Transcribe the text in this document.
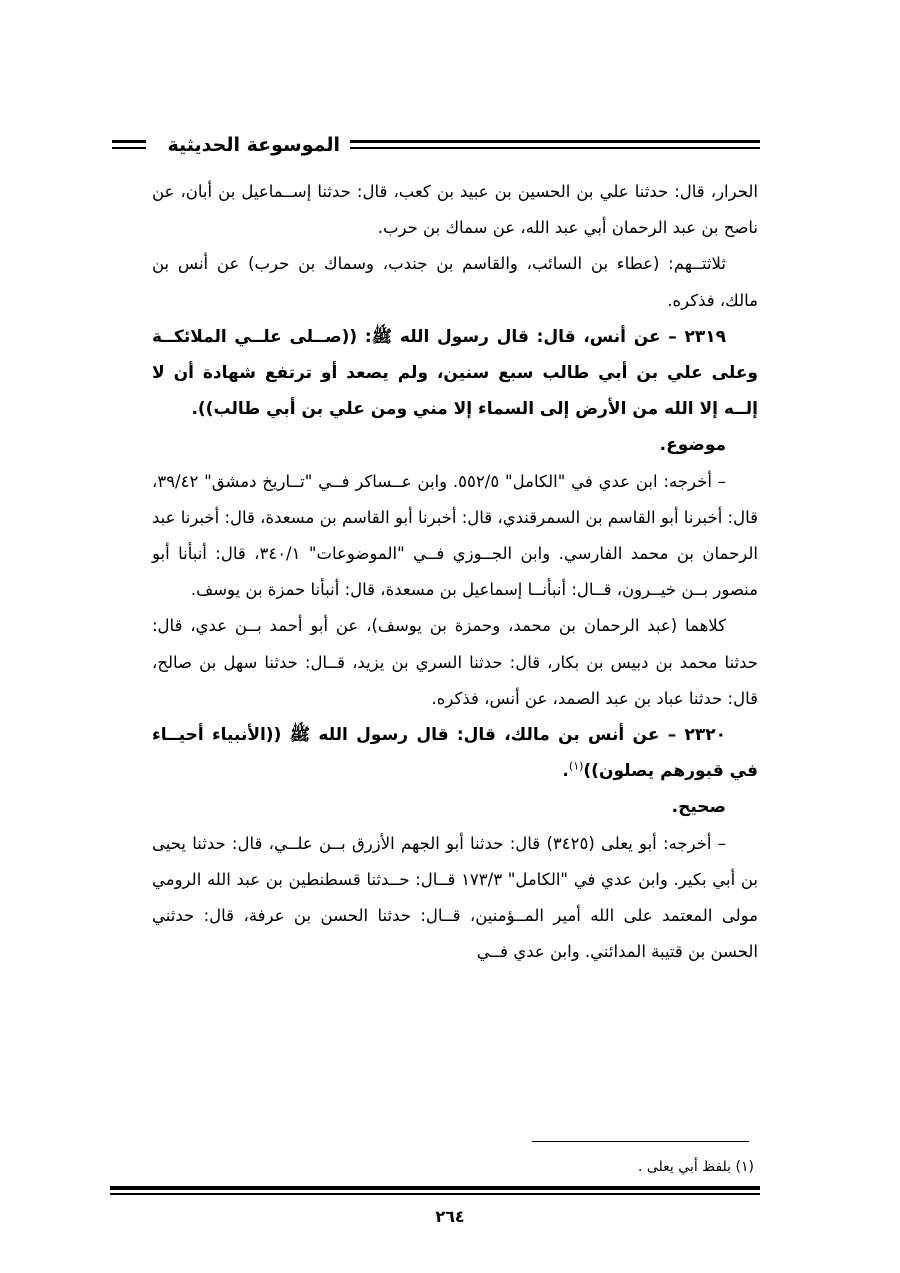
الموسوعة الحديثية

الحرار، قال: حدثنا علي بن الحسين بن عبيد بن كعب، قال: حدثنا إســماعيل بن أبان، عن ناصح بن عبد الرحمان أبي عبد الله، عن سماك بن حرب.

ثلاثتــهم: (عطاء بن السائب، والقاسم بن جندب، وسماك بن حرب) عن أنس بن مالك، فذكره.

٢٣١٩ – عن أنس، قال: قال رسول الله ﷺ: ((صــلى علــي الملائكــة وعلى علي بن أبي طالب سبع سنين، ولم يصعد أو ترتفع شهادة أن لا إلــه إلا الله من الأرض إلى السماء إلا مني ومن علي بن أبي طالب)).

موضوع.

– أخرجه: ابن عدي في "الكامل" ٥٥٢/٥. وابن عــساكر فــي "تــاريخ دمشق" ٣٩/٤٢، قال: أخبرنا أبو القاسم بن السمرقندي، قال: أخبرنا أبو القاسم بن مسعدة، قال: أخبرنا عبد الرحمان بن محمد الفارسي. وابن الجــوزي فــي "الموضوعات" ٣٤٠/١، قال: أنبأنا أبو منصور بــن خيــرون، قــال: أنبأنــا إسماعيل بن مسعدة، قال: أنبأنا حمزة بن يوسف.

كلاهما (عبد الرحمان بن محمد، وحمزة بن يوسف)، عن أبو أحمد بــن عدي، قال: حدثنا محمد بن دبيس بن بكار، قال: حدثنا السري بن يزيد، قــال: حدثنا سهل بن صالح، قال: حدثنا عباد بن عبد الصمد، عن أنس، فذكره.

٢٣٢٠ – عن أنس بن مالك، قال: قال رسول الله ﷺ ((الأنبياء أحيــاء في قبورهم يصلون))$^{(١)}$.

صحيح.

– أخرجه: أبو يعلى (٣٤٢٥) قال: حدثنا أبو الجهم الأزرق بــن علــي، قال: حدثنا يحيى بن أبي بكير. وابن عدي في "الكامل" ١٧٣/٣ قــال: حــدثنا قسطنطين بن عبد الله الرومي مولى المعتمد على الله أمير المــؤمنين، قــال: حدثنا الحسن بن عرفة، قال: حدثني الحسن بن قتيبة المدائني. وابن عدي فــي

(١) بلفظ أبي يعلى .
٢٦٤
